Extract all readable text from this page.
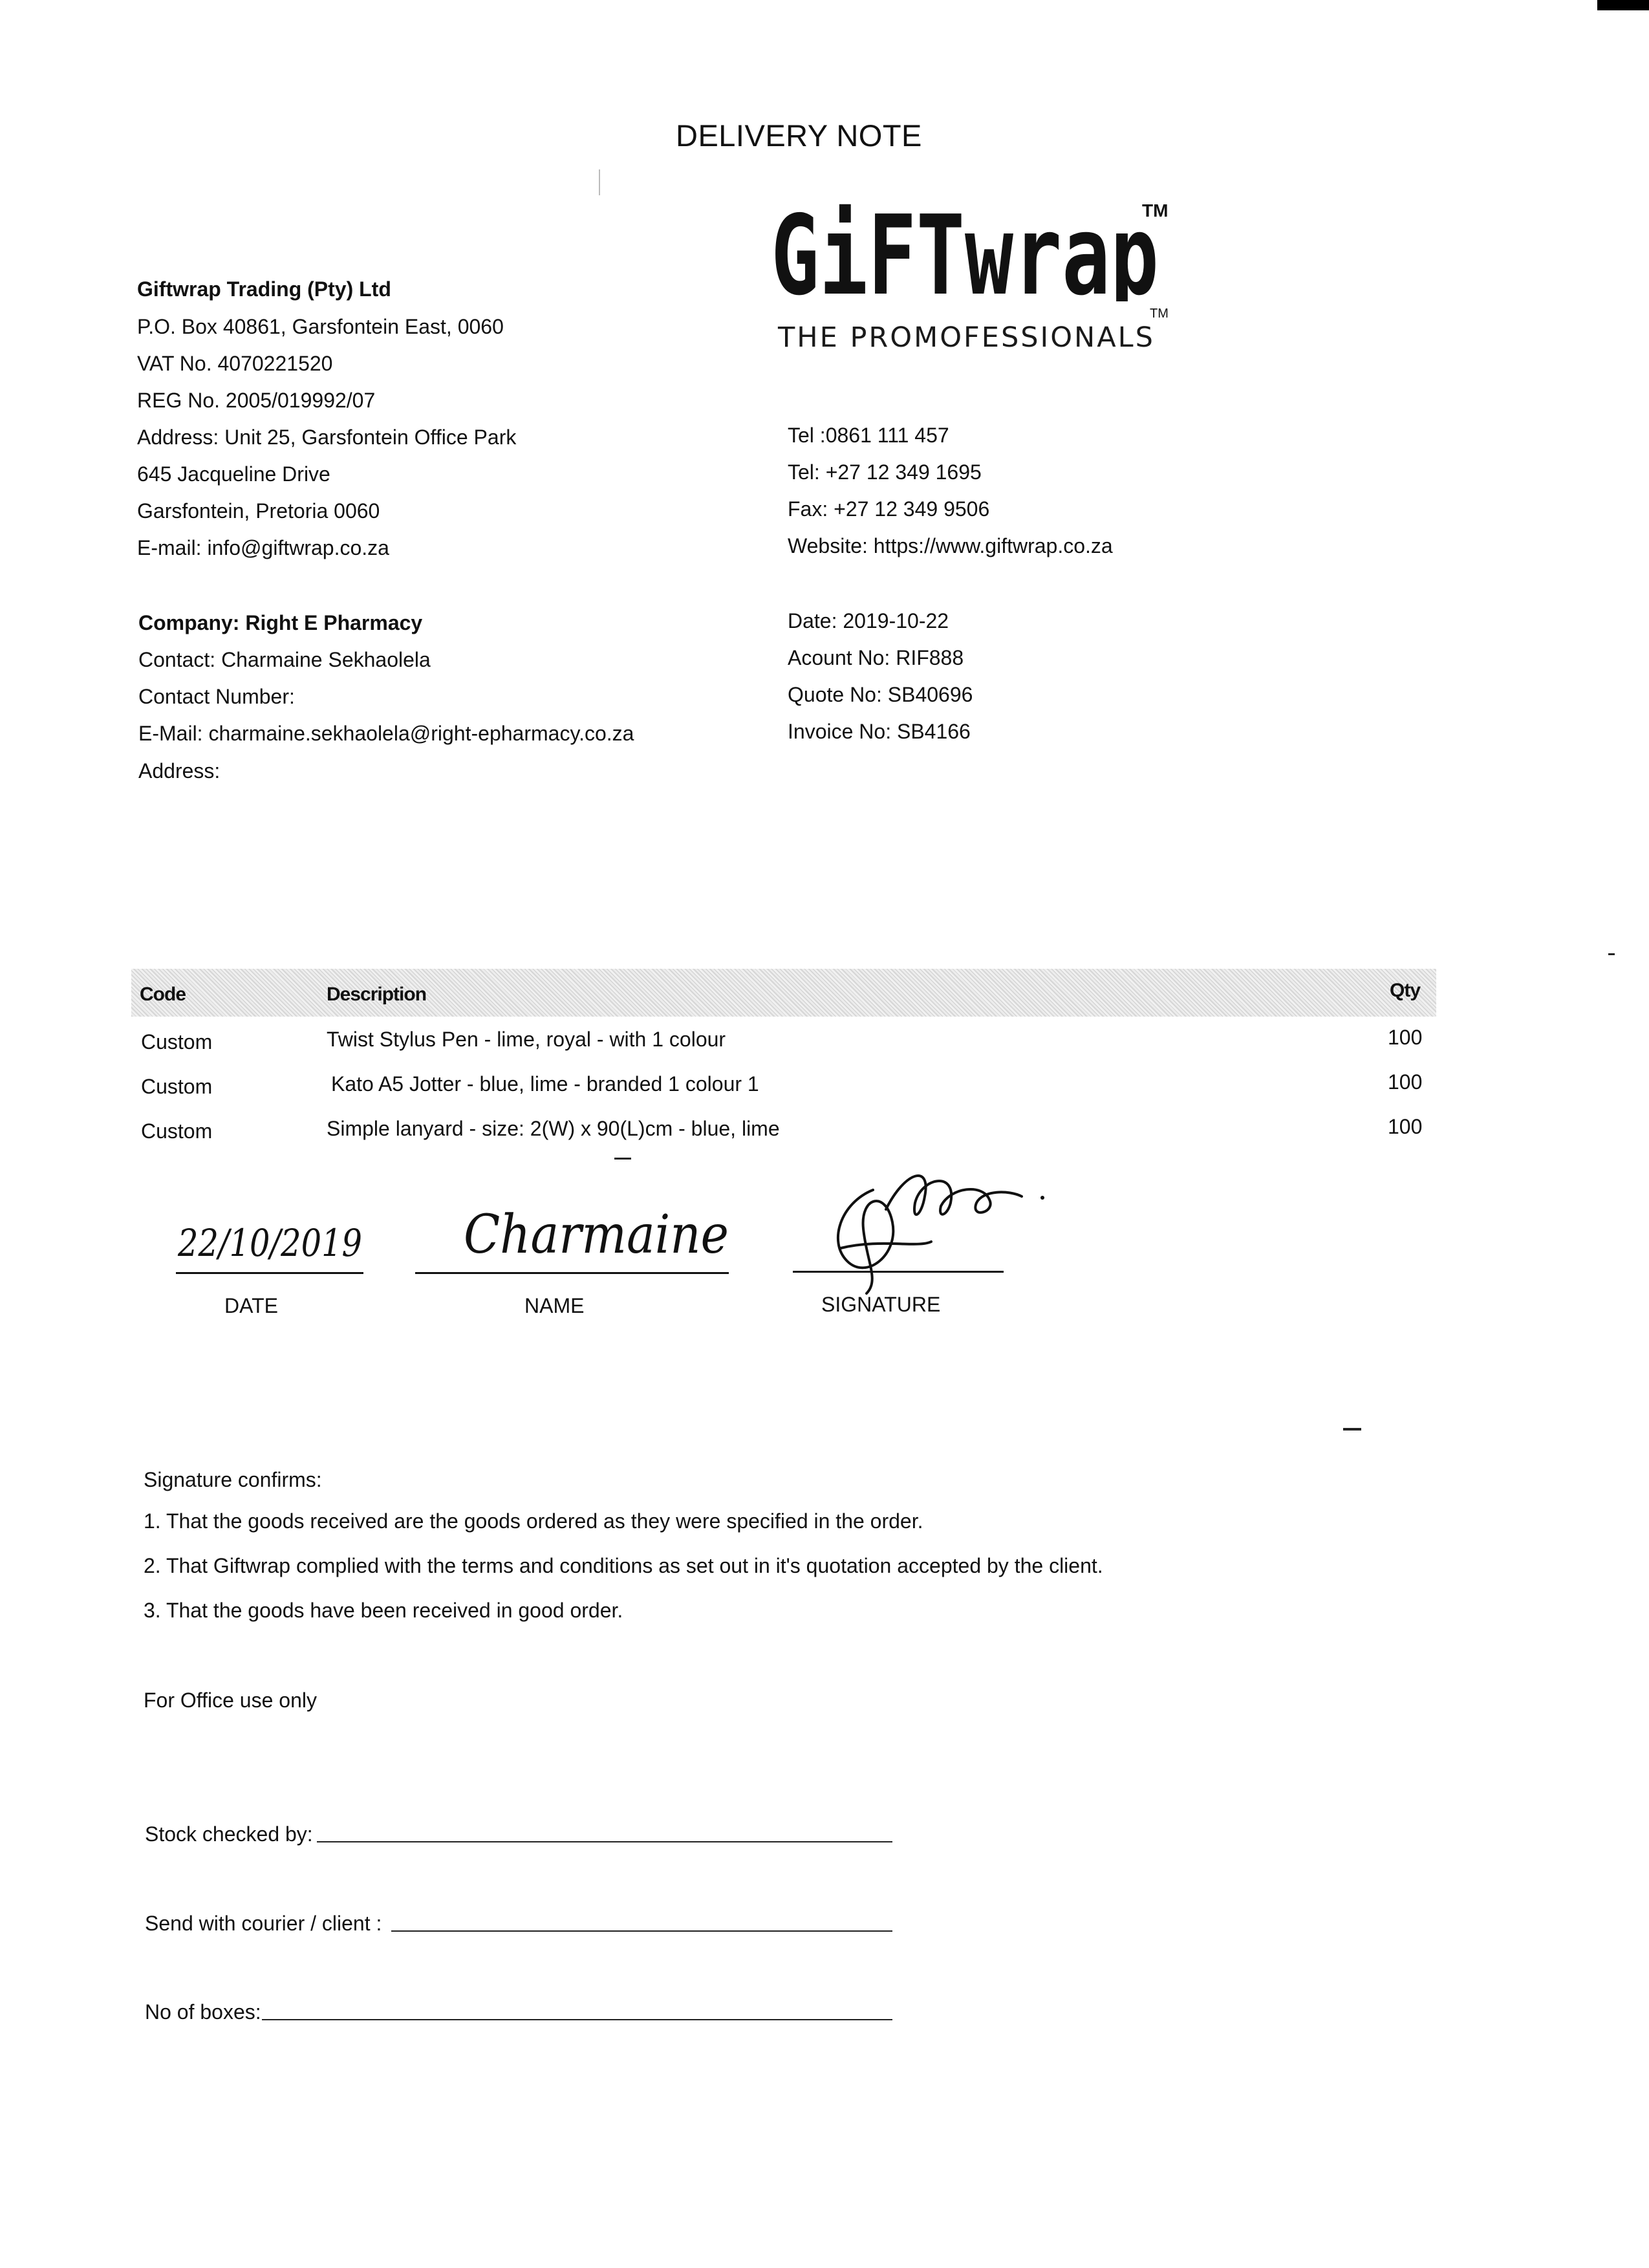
DELIVERY NOTE
GiFTwrap
TM
THE PROMOFESSIONALS
TM
Giftwrap Trading (Pty) Ltd
P.O. Box 40861, Garsfontein East, 0060
VAT No. 4070221520
REG No. 2005/019992/07
Address: Unit 25, Garsfontein Office Park
645 Jacqueline Drive
Garsfontein, Pretoria 0060
E-mail: info@giftwrap.co.za
Tel :0861 111 457
Tel: +27 12 349 1695
Fax: +27 12 349 9506
Website: https://www.giftwrap.co.za
Company: Right E Pharmacy
Contact: Charmaine Sekhaolela
Contact Number:
E-Mail: charmaine.sekhaolela@right-epharmacy.co.za
Address:
Date: 2019-10-22
Acount No: RIF888
Quote No: SB40696
Invoice No: SB4166
Code	Description	Qty
Custom	Twist Stylus Pen - lime, royal - with 1 colour	100
Custom	Kato A5 Jotter - blue, lime - branded 1 colour 1	100
Custom	Simple lanyard - size: 2(W) x 90(L)cm - blue, lime	100
22/10/2019
DATE
Charmaine
NAME	SIGNATURE
Signature confirms:
1. That the goods received are the goods ordered as they were specified in the order.
2. That Giftwrap complied with the terms and conditions as set out in it's quotation accepted by the client.
3. That the goods have been received in good order.
For Office use only
Stock checked by:
Send with courier / client :
No of boxes:
